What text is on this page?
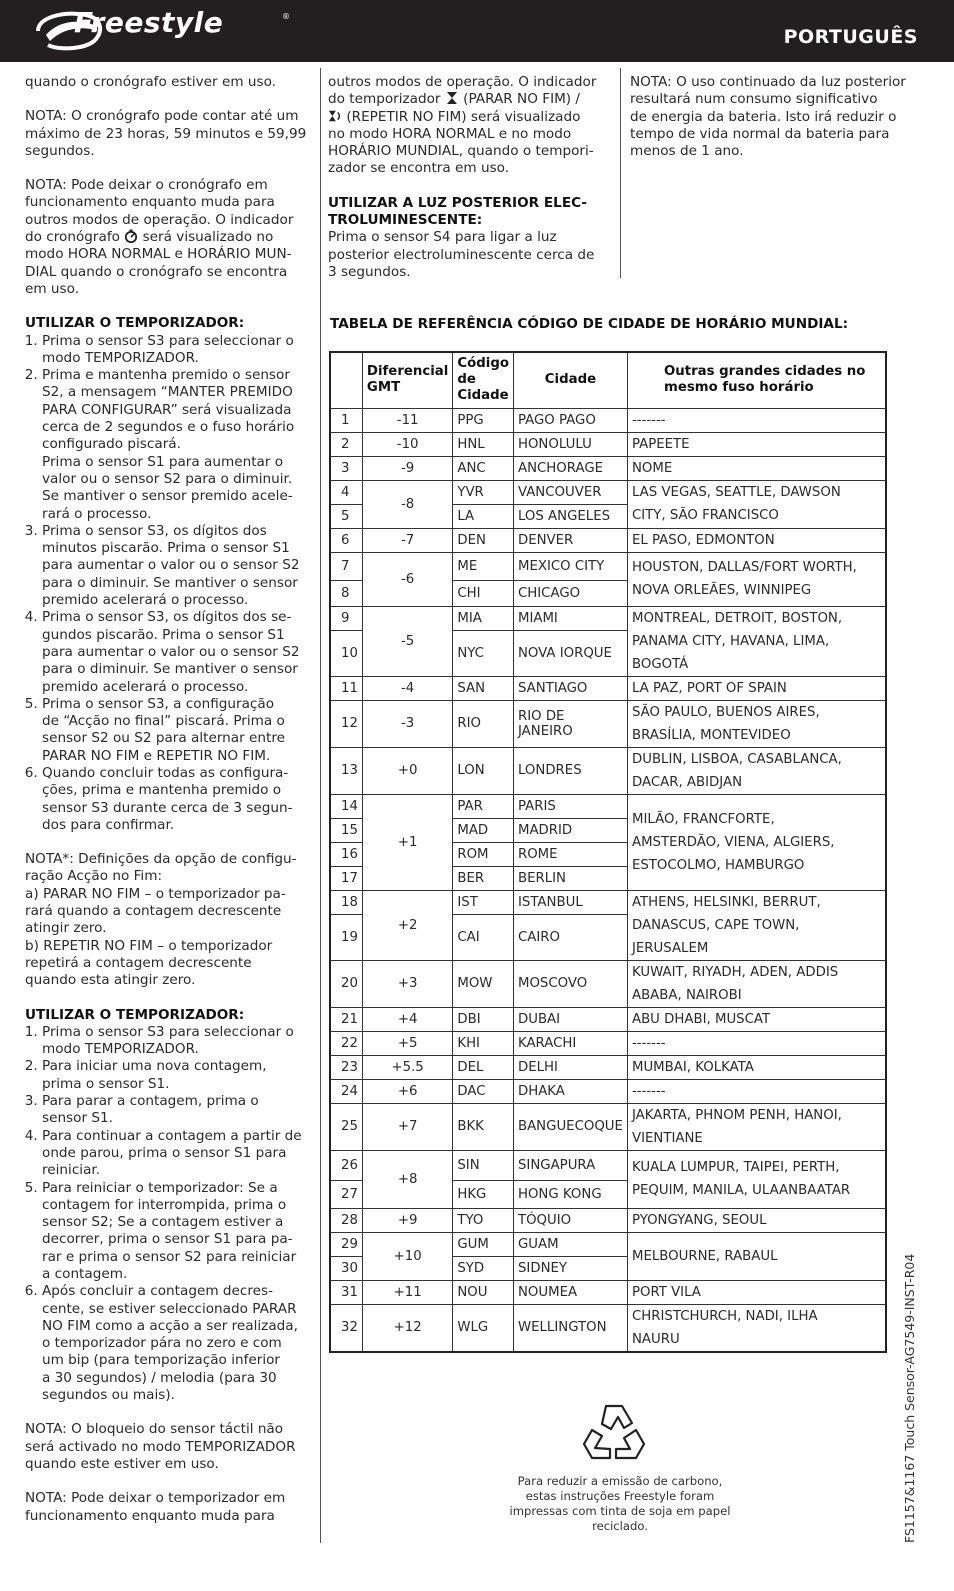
Freestyle	®
PORTUGUÊS

quando o cronógrafo estiver em uso.

NOTA: O cronógrafo pode contar até um
máximo de 23 horas, 59 minutos e 59,99
segundos.

NOTA: Pode deixar o cronógrafo em
funcionamento enquanto muda para
outros modos de operação. O indicador
do cronógrafo  será visualizado no
modo HORA NORMAL e HORÁRIO MUN-
DIAL quando o cronógrafo se encontra
em uso.

UTILIZAR O TEMPORIZADOR:
1. Prima o sensor S3 para seleccionar o
modo TEMPORIZADOR.
2. Prima e mantenha premido o sensor
S2, a mensagem “MANTER PREMIDO
PARA CONFIGURAR” será visualizada
cerca de 2 segundos e o fuso horário
configurado piscará.
Prima o sensor S1 para aumentar o
valor ou o sensor S2 para o diminuir.
Se mantiver o sensor premido acele-
rará o processo.
3. Prima o sensor S3, os dígitos dos
minutos piscarão. Prima o sensor S1
para aumentar o valor ou o sensor S2
para o diminuir. Se mantiver o sensor
premido acelerará o processo.
4. Prima o sensor S3, os dígitos dos se-
gundos piscarão. Prima o sensor S1
para aumentar o valor ou o sensor S2
para o diminuir. Se mantiver o sensor
premido acelerará o processo.
5. Prima o sensor S3, a configuração
de “Acção no final” piscará. Prima o
sensor S2 ou S2 para alternar entre
PARAR NO FIM e REPETIR NO FIM.
6. Quando concluir todas as configura-
ções, prima e mantenha premido o
sensor S3 durante cerca de 3 segun-
dos para confirmar.

NOTA*: Definições da opção de configu-
ração Acção no Fim:
a) PARAR NO FIM – o temporizador pa-
rará quando a contagem decrescente
atingir zero.
b) REPETIR NO FIM – o temporizador
repetirá a contagem decrescente
quando esta atingir zero.

UTILIZAR O TEMPORIZADOR:
1. Prima o sensor S3 para seleccionar o
modo TEMPORIZADOR.
2. Para iniciar uma nova contagem,
prima o sensor S1.
3. Para parar a contagem, prima o
sensor S1.
4. Para continuar a contagem a partir de
onde parou, prima o sensor S1 para
reiniciar.
5. Para reiniciar o temporizador: Se a
contagem for interrompida, prima o
sensor S2; Se a contagem estiver a
decorrer, prima o sensor S1 para pa-
rar e prima o sensor S2 para reiniciar
a contagem.
6. Após concluir a contagem decres-
cente, se estiver seleccionado PARAR
NO FIM como a acção a ser realizada,
o temporizador pára no zero e com
um bip (para temporização inferior
a 30 segundos) / melodia (para 30
segundos ou mais).

NOTA: O bloqueio do sensor táctil não
será activado no modo TEMPORIZADOR
quando este estiver em uso.

NOTA: Pode deixar o temporizador em
funcionamento enquanto muda para

outros modos de operação. O indicador
do temporizador  (PARAR NO FIM) /
(REPETIR NO FIM) será visualizado
no modo HORA NORMAL e no modo
HORÁRIO MUNDIAL, quando o tempori-
zador se encontra em uso.

UTILIZAR A LUZ POSTERIOR ELEC-
TROLUMINESCENTE:

Prima o sensor S4 para ligar a luz
posterior electroluminescente cerca de
3 segundos.

NOTA: O uso continuado da luz posterior
resultará num consumo significativo
de energia da bateria. Isto irá reduzir o
tempo de vida normal da bateria para
menos de 1 ano.

TABELA DE REFERÊNCIA CÓDIGO DE CIDADE DE HORÁRIO MUNDIAL:
	Diferencial
GMT	Código
de
Cidade	Cidade	Outras grandes cidades no
mesmo fuso horário
1	-11	PPG	PAGO PAGO	-------
2	-10	HNL	HONOLULU	PAPEETE
3	-9	ANC	ANCHORAGE	NOME
4	-8	YVR	VANCOUVER	LAS VEGAS, SEATTLE, DAWSON
CITY, SÃO FRANCISCO

5		LA	LOS ANGELES	
6	-7	DEN	DENVER	EL PASO, EDMONTON
7	-6	ME	MEXICO CITY	HOUSTON, DALLAS/FORT WORTH,
NOVA ORLEÃES, WINNIPEG

8		CHI	CHICAGO	
9	-5	MIA	MIAMI	MONTREAL, DETROIT, BOSTON,
PANAMA CITY, HAVANA, LIMA,
BOGOTÁ

10		NYC	NOVA IORQUE	
11	-4	SAN	SANTIAGO	LA PAZ, PORT OF SPAIN
12	-3	RIO	RIO DE
JANEIRO	SÃO PAULO, BUENOS AIRES,
BRASÍLIA, MONTEVIDEO
13	+0	LON	LONDRES	DUBLIN, LISBOA, CASABLANCA,
DACAR, ABIDJAN
14	+1	PAR	PARIS	MILÃO, FRANCFORTE,
AMSTERDÃO, VIENA, ALGIERS,
ESTOCOLMO, HAMBURGO

15		MAD	MADRID	
16		ROM	ROME	
17		BER	BERLIN	
18	+2	IST	ISTANBUL	ATHENS, HELSINKI, BERRUT,
DANASCUS, CAPE TOWN,
JERUSALEM

19		CAI	CAIRO	
20	+3	MOW	MOSCOVO	KUWAIT, RIYADH, ADEN, ADDIS
ABABA, NAIROBI
21	+4	DBI	DUBAI	ABU DHABI, MUSCAT
22	+5	KHI	KARACHI	-------
23	+5.5	DEL	DELHI	MUMBAI, KOLKATA
24	+6	DAC	DHAKA	-------
25	+7	BKK	BANGUECOQUE	JAKARTA, PHNOM PENH, HANOI,
VIENTIANE
26	+8	SIN	SINGAPURA	KUALA LUMPUR, TAIPEI, PERTH,
PEQUIM, MANILA, ULAANBAATAR

27		HKG	HONG KONG	
28	+9	TYO	TÓQUIO	PYONGYANG, SEOUL
29	+10	GUM	GUAM	MELBOURNE, RABAUL

30		SYD	SIDNEY	
31	+11	NOU	NOUMEA	PORT VILA
32	+12	WLG	WELLINGTON	CHRISTCHURCH, NADI, ILHA
NAURU
Para reduzir a emissão de carbono,
estas instruções Freestyle foram
impressas com tinta de soja em papel
reciclado.	FS1157&1167 Touch Sensor-AG7549-INST-R04
